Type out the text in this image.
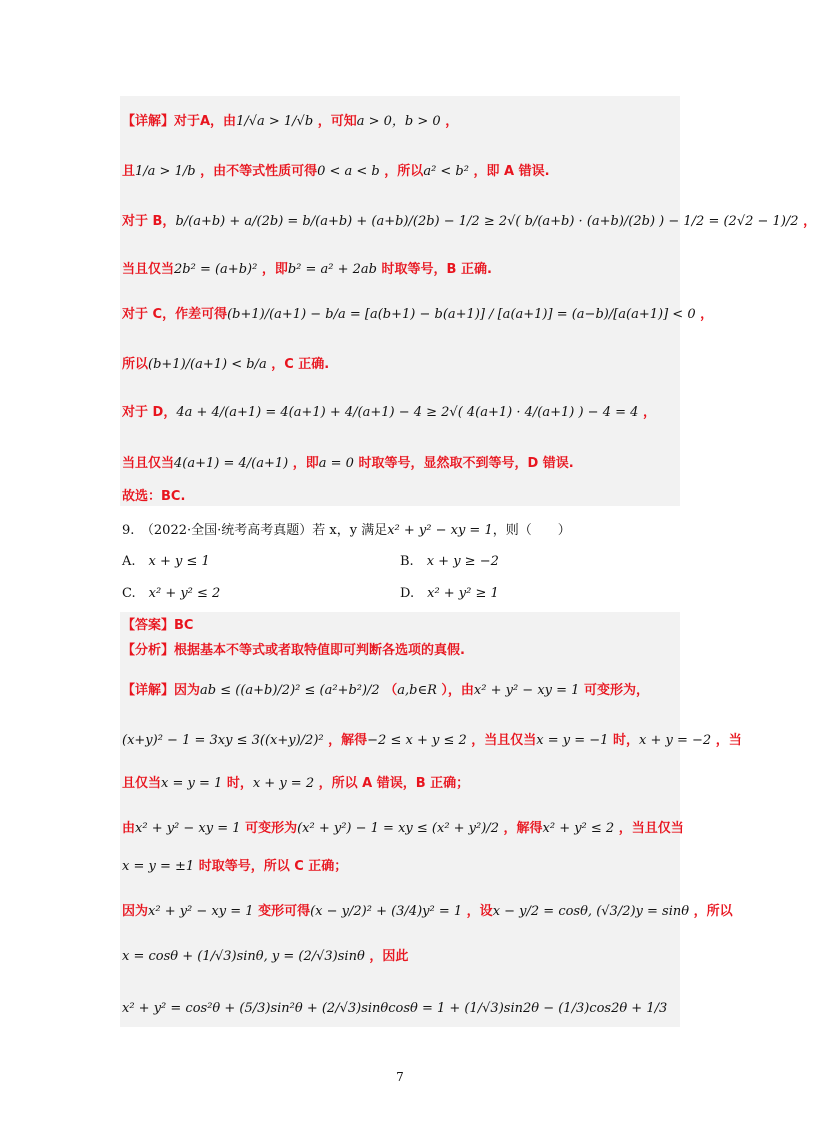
【详解】对于A，由1/√a > 1/√b ，可知a > 0，b > 0 ，
且1/a > 1/b ，由不等式性质可得0 < a < b ，所以a² < b² ，即 A 错误.
对于 B，b/(a+b) + a/(2b) = b/(a+b) + (a+b)/(2b) − 1/2 ≥ 2√( b/(a+b) · (a+b)/(2b) ) − 1/2 = (2√2 − 1)/2 ，
当且仅当2b² = (a+b)² ，即b² = a² + 2ab 时取等号，B 正确.
对于 C，作差可得(b+1)/(a+1) − b/a = [a(b+1) − b(a+1)] / [a(a+1)] = (a−b)/[a(a+1)] < 0 ，
所以(b+1)/(a+1) < b/a ，C 正确.
对于 D，4a + 4/(a+1) = 4(a+1) + 4/(a+1) − 4 ≥ 2√( 4(a+1) · 4/(a+1) ) − 4 = 4 ，
当且仅当4(a+1) = 4/(a+1) ，即a = 0 时取等号，显然取不到等号，D 错误.
故选：BC.
9.　（2022·全国·统考高考真题）若 x，y 满足x² + y² − xy = 1，则（　　）
A.　 x + y ≤ 1	B.　 x + y ≥ −2
C.　 x² + y² ≤ 2	D.　 x² + y² ≥ 1
【答案】BC
【分析】根据基本不等式或者取特值即可判断各选项的真假.
【详解】因为ab ≤ ((a+b)/2)² ≤ (a²+b²)/2 （a,b∈R ），由x² + y² − xy = 1 可变形为，
(x+y)² − 1 = 3xy ≤ 3((x+y)/2)² ，解得−2 ≤ x + y ≤ 2 ，当且仅当x = y = −1 时，x + y = −2 ，当
且仅当x = y = 1 时，x + y = 2 ，所以 A 错误，B 正确；
由x² + y² − xy = 1 可变形为(x² + y²) − 1 = xy ≤ (x² + y²)/2 ，解得x² + y² ≤ 2 ，当且仅当
x = y = ±1 时取等号，所以 C 正确；
因为x² + y² − xy = 1 变形可得(x − y/2)² + (3/4)y² = 1 ，设x − y/2 = cosθ, (√3/2)y = sinθ ，所以
x = cosθ + (1/√3)sinθ, y = (2/√3)sinθ ，因此
x² + y² = cos²θ + (5/3)sin²θ + (2/√3)sinθcosθ = 1 + (1/√3)sin2θ − (1/3)cos2θ + 1/3
7
